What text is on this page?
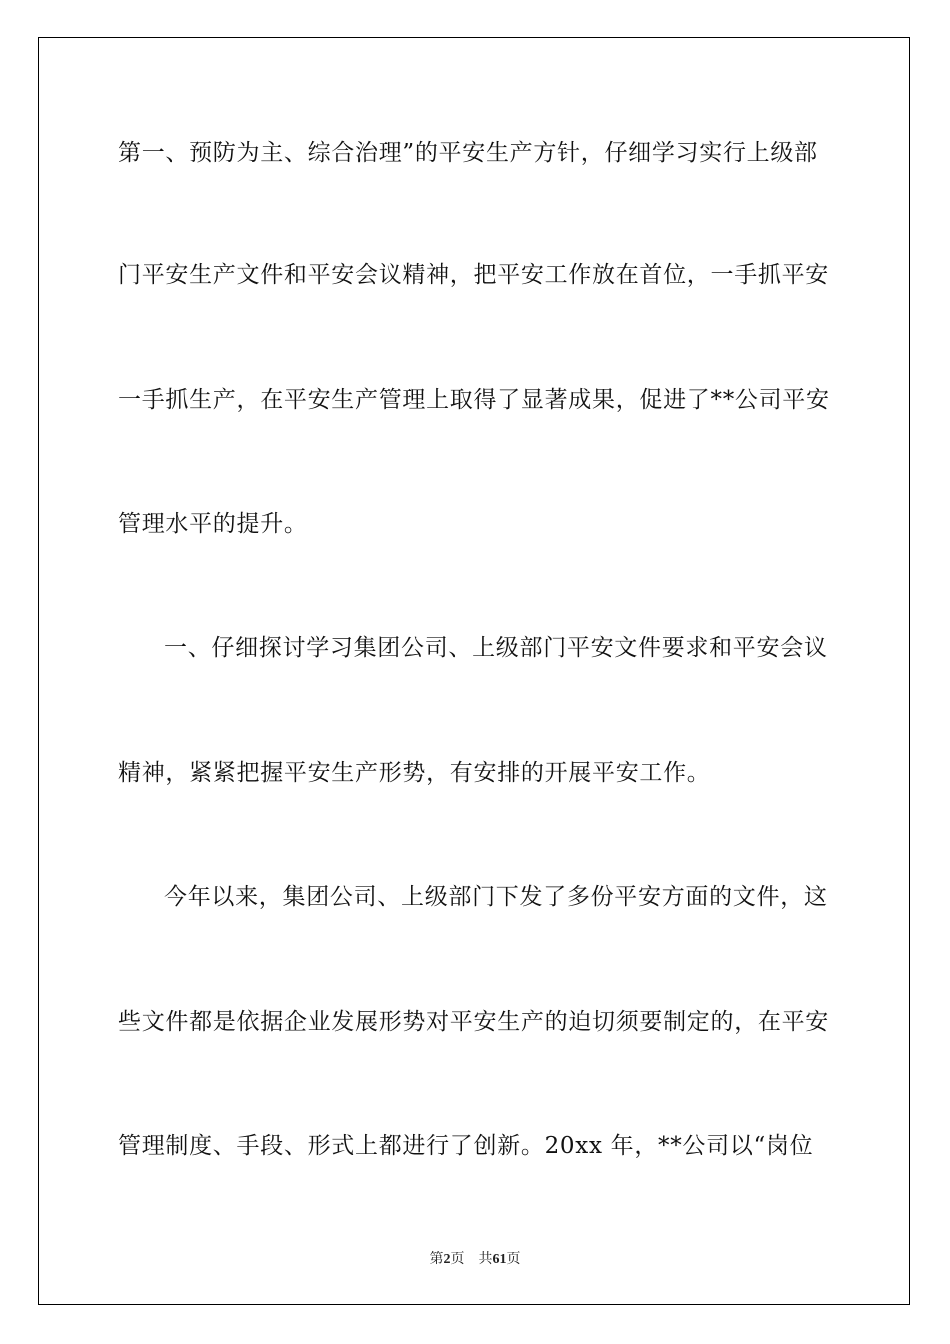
第一、预防为主、综合治理”的平安生产方针，仔细学习实行上级部

门平安生产文件和平安会议精神，把平安工作放在首位，一手抓平安

一手抓生产，在平安生产管理上取得了显著成果，促进了**公司平安

管理水平的提升。

一、仔细探讨学习集团公司、上级部门平安文件要求和平安会议

精神，紧紧把握平安生产形势，有安排的开展平安工作。

今年以来，集团公司、上级部门下发了多份平安方面的文件，这

些文件都是依据企业发展形势对平安生产的迫切须要制定的，在平安

管理制度、手段、形式上都进行了创新。20xx 年，**公司以“岗位

第2页 共61页
